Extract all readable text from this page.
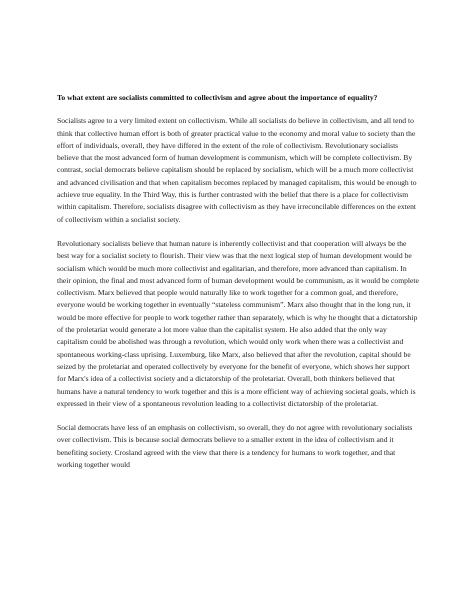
To what extent are socialists committed to collectivism and agree about the importance of equality?

Socialists agree to a very limited extent on collectivism. While all socialists do believe in collectivism, and all tend to think that collective human effort is both of greater practical value to the economy and moral value to society than the effort of individuals, overall, they have differed in the extent of the role of collectivism. Revolutionary socialists believe that the most advanced form of human development is communism, which will be complete collectivism. By contrast, social democrats believe capitalism should be replaced by socialism, which will be a much more collectivist and advanced civilisation and that when capitalism becomes replaced by managed capitalism, this would be enough to achieve true equality. In the Third Way, this is further contrasted with the belief that there is a place for collectivism within capitalism. Therefore, socialists disagree with collectivism as they have irreconcilable differences on the extent of collectivism within a socialist society.

Revolutionary socialists believe that human nature is inherently collectivist and that cooperation will always be the best way for a socialist society to flourish. Their view was that the next logical step of human development would be socialism which would be much more collectivist and egalitarian, and therefore, more advanced than capitalism. In their opinion, the final and most advanced form of human development would be communism, as it would be complete collectivism. Marx believed that people would naturally like to work together for a common goal, and therefore, everyone would be working together in eventually “stateless communism”. Marx also thought that in the long run, it would be more effective for people to work together rather than separately, which is why he thought that a dictatorship of the proletariat would generate a lot more value than the capitalist system. He also added that the only way capitalism could be abolished was through a revolution, which would only work when there was a collectivist and spontaneous working-class uprising. Luxemburg, like Marx, also believed that after the revolution, capital should be seized by the proletariat and operated collectively by everyone for the benefit of everyone, which shows her support for Marx's idea of a collectivist society and a dictatorship of the proletariat. Overall, both thinkers believed that humans have a natural tendency to work together and this is a more efficient way of achieving societal goals, which is expressed in their view of a spontaneous revolution leading to a collectivist dictatorship of the proletariat.

Social democrats have less of an emphasis on collectivism, so overall, they do not agree with revolutionary socialists over collectivism. This is because social democrats believe to a smaller extent in the idea of collectivism and it benefiting society. Crosland agreed with the view that there is a tendency for humans to work together, and that working together would
